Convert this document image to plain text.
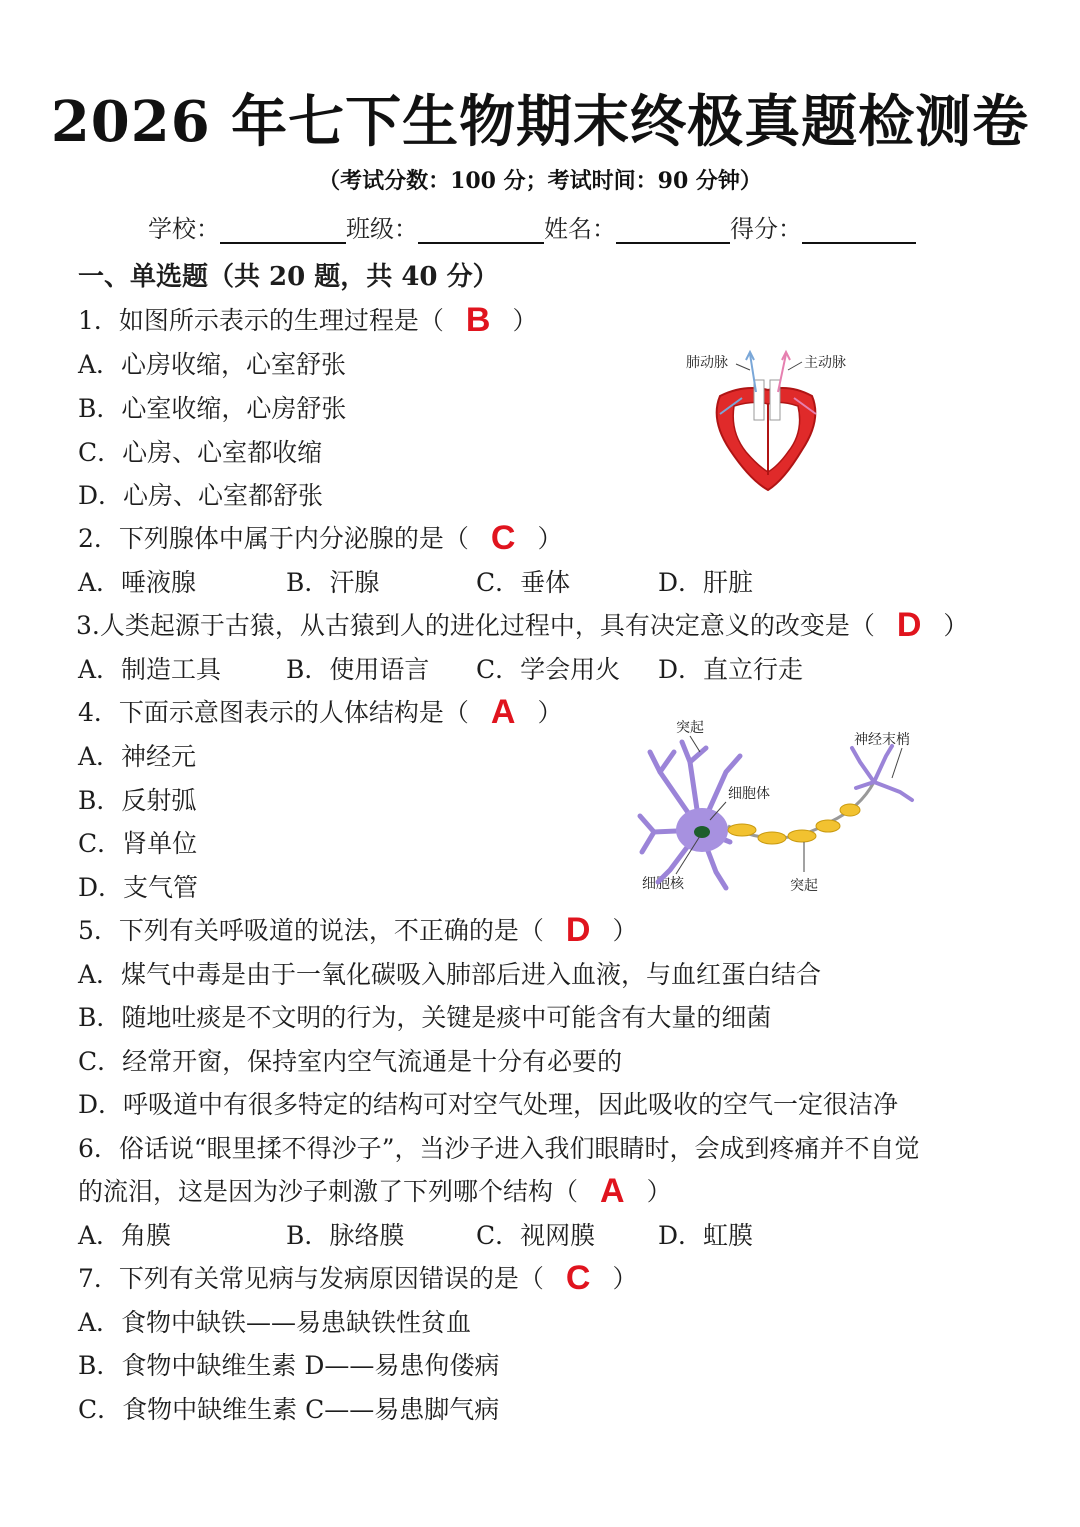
2026 年七下生物期末终极真题检测卷
（考试分数：100 分；考试时间：90 分钟）
学校：	班级：	姓名：	得分：
一、单选题（共 20 题，共 40 分）
1．如图所示表示的生理过程是（ B ）
A．心房收缩，心室舒张
B．心室收缩，心房舒张
C．心房、心室都收缩
D．心房、心室都舒张
肺动脉	主动脉
2．下列腺体中属于内分泌腺的是（ C ）
A．唾液腺	B．汗腺	C．垂体	D．肝脏
3.人类起源于古猿，从古猿到人的进化过程中，具有决定意义的改变是（ D ）
A．制造工具	B．使用语言	C．学会用火	D．直立行走
4．下面示意图表示的人体结构是（ A ）
A．神经元
B．反射弧
C．肾单位
D．支气管
突起
神经末梢
细胞体
细胞核	突起
5．下列有关呼吸道的说法，不正确的是（ D ）
A．煤气中毒是由于一氧化碳吸入肺部后进入血液，与血红蛋白结合
B．随地吐痰是不文明的行为，关键是痰中可能含有大量的细菌
C．经常开窗，保持室内空气流通是十分有必要的
D．呼吸道中有很多特定的结构可对空气处理，因此吸收的空气一定很洁净
6．俗话说“眼里揉不得沙子”，当沙子进入我们眼睛时，会成到疼痛并不自觉
的流泪，这是因为沙子刺激了下列哪个结构（ A ）
A．角膜	B．脉络膜	C．视网膜	D．虹膜
7．下列有关常见病与发病原因错误的是（ C ）
A．食物中缺铁——易患缺铁性贫血
B．食物中缺维生素 D——易患佝偻病
C．食物中缺维生素 C——易患脚气病
